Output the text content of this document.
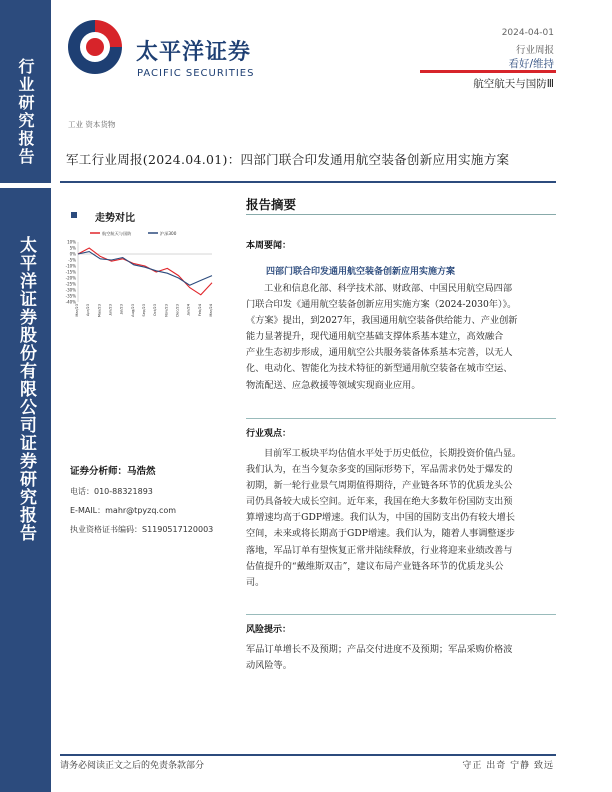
行业研究报告
太平洋证券股份有限公司证券研究报告
太平洋证券
PACIFIC SECURITIES
2024-04-01
行业周报
看好/维持
航空航天与国防Ⅲ
工业 资本货物
军工行业周报(2024.04.01)：四部门联合印发通用航空装备创新应用实施方案
走势对比
航空航天与国防	沪深300
10%
5%
0%
-5%
-10%
-15%
-20%
-25%
-30%
-35%
-40%
Mar/23 Apr/23 May/23 Jun/23 Jul/23 Aug/23 Sep/23 Oct/23 Nov/23 Dec/23 Jan/24 Feb/24 Mar/24
证券分析师：马浩然
电话：010-88321893
E-MAIL：mahr@tpyzq.com
执业资格证书编码：S1190517120003
报告摘要
本周要闻：
四部门联合印发通用航空装备创新应用实施方案
工业和信息化部、科学技术部、财政部、中国民用航空局四部
门联合印发《通用航空装备创新应用实施方案（2024-2030年）》。
《方案》提出，到2027年，我国通用航空装备供给能力、产业创新
能力显著提升，现代通用航空基础支撑体系基本建立，高效融合
产业生态初步形成，通用航空公共服务装备体系基本完善，以无人
化、电动化、智能化为技术特征的新型通用航空装备在城市空运、
物流配送、应急救援等领域实现商业应用。
行业观点：
目前军工板块平均估值水平处于历史低位，长期投资价值凸显。
我们认为，在当今复杂多变的国际形势下，军品需求仍处于爆发的
初期，新一轮行业景气周期值得期待，产业链各环节的优质龙头公
司仍具备较大成长空间。近年来，我国在绝大多数年份国防支出预
算增速均高于GDP增速。我们认为，中国的国防支出仍有较大增长
空间，未来或将长期高于GDP增速。我们认为，随着人事调整逐步
落地，军品订单有望恢复正常并陆续释放，行业将迎来业绩改善与
估值提升的“戴维斯双击”，建议布局产业链各环节的优质龙头公
司。
风险提示：
军品订单增长不及预期；产品交付进度不及预期；军品采购价格波
动风险等。
请务必阅读正文之后的免责条款部分	守正 出奇 宁静 致远
